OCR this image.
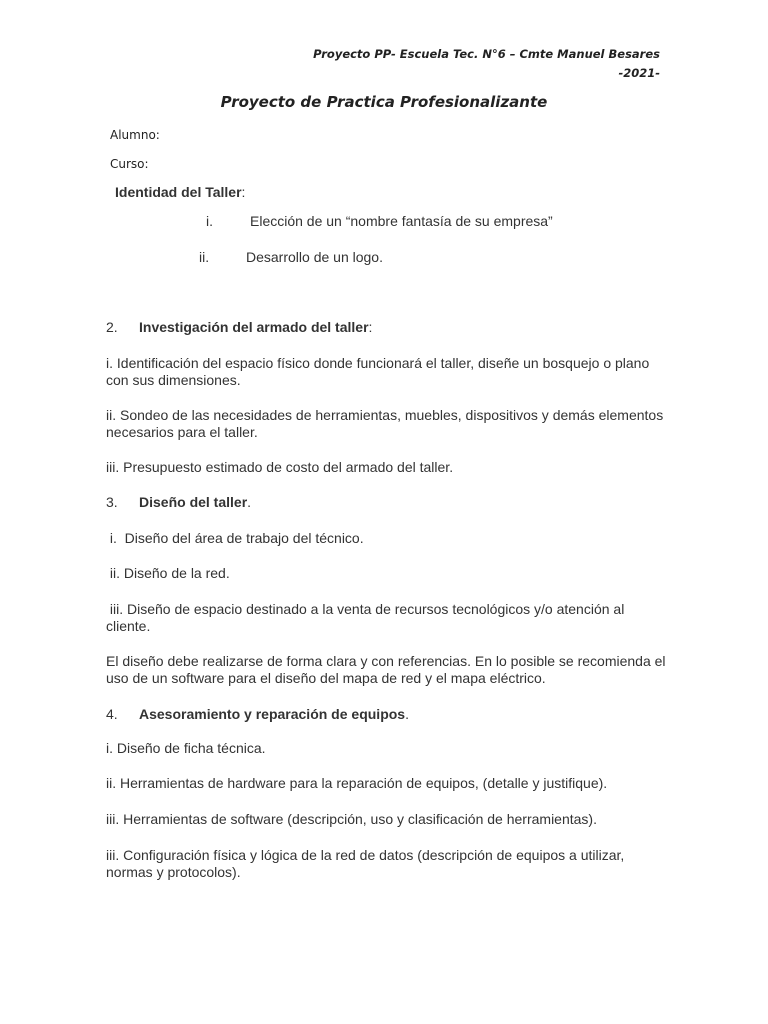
Proyecto PP- Escuela Tec. N°6 – Cmte Manuel Besares
-2021-
Proyecto de Practica Profesionalizante
Alumno:
Curso:
Identidad del Taller:
i.	Elección de un “nombre fantasía de su empresa”
ii.	Desarrollo de un logo.
2. Investigación del armado del taller:
i. Identificación del espacio físico donde funcionará el taller, diseñe un bosquejo o plano con sus dimensiones.
ii. Sondeo de las necesidades de herramientas, muebles, dispositivos y demás elementos necesarios para el taller.
iii. Presupuesto estimado de costo del armado del taller.
3. Diseño del taller.
i.  Diseño del área de trabajo del técnico.
ii. Diseño de la red.
iii. Diseño de espacio destinado a la venta de recursos tecnológicos y/o atención al cliente.
El diseño debe realizarse de forma clara y con referencias. En lo posible se recomienda el uso de un software para el diseño del mapa de red y el mapa eléctrico.
4. Asesoramiento y reparación de equipos.
i. Diseño de ficha técnica.
ii. Herramientas de hardware para la reparación de equipos, (detalle y justifique).
iii. Herramientas de software (descripción, uso y clasificación de herramientas).
iii. Configuración física y lógica de la red de datos (descripción de equipos a utilizar, normas y protocolos).
